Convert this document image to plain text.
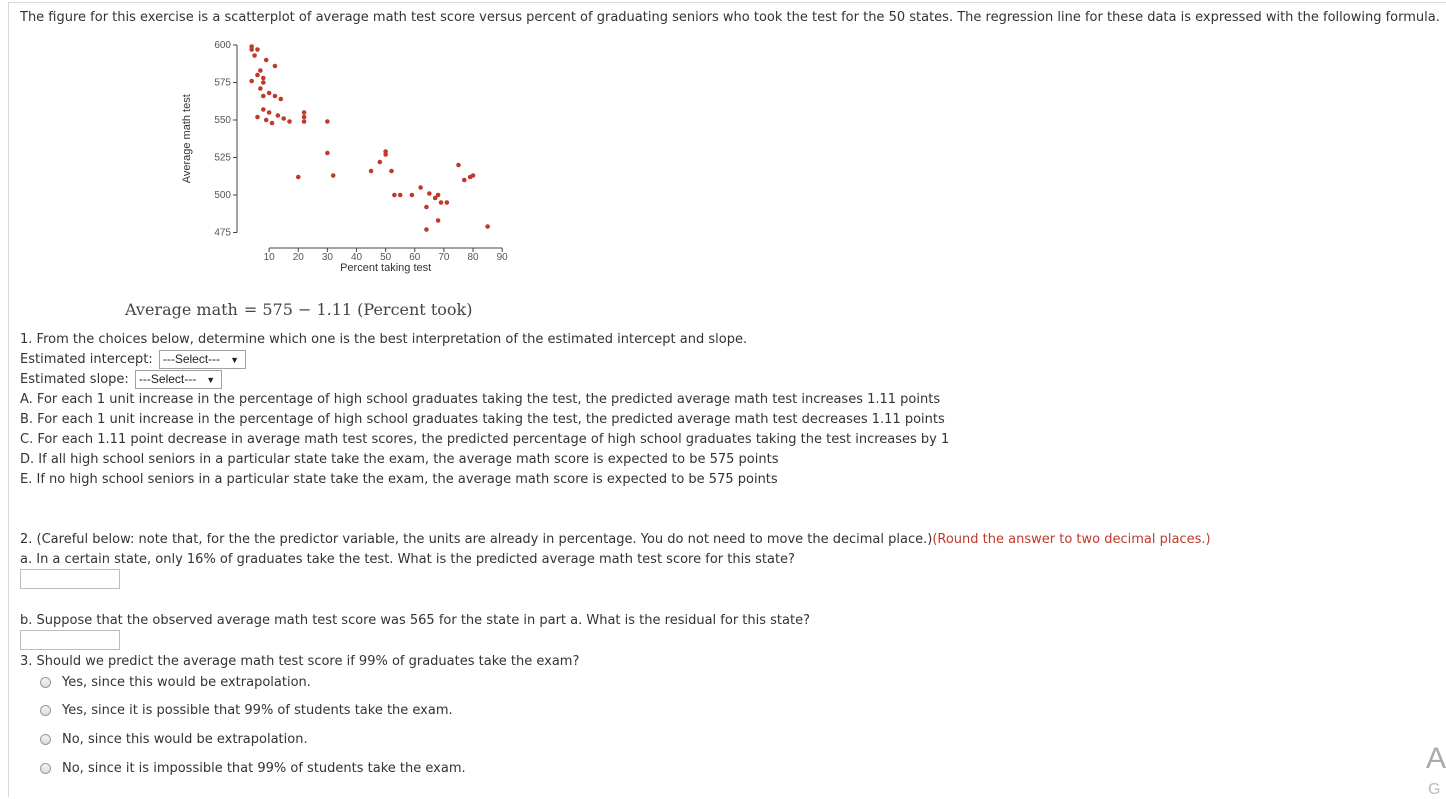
The figure for this exercise is a scatterplot of average math test score versus percent of graduating seniors who took the test for the 50 states. The regression line for these data is expressed with the following formula.
475
500
525
550
575
600
10 20 30 40 50 60 70 80 90
Percent taking test
Average math test
Average math = 575 − 1.11 (Percent took)
1. From the choices below, determine which one is the best interpretation of the estimated intercept and slope.
Estimated intercept: ---Select--- ▼
Estimated slope: ---Select--- ▼
A. For each 1 unit increase in the percentage of high school graduates taking the test, the predicted average math test increases 1.11 points
B. For each 1 unit increase in the percentage of high school graduates taking the test, the predicted average math test decreases 1.11 points
C. For each 1.11 point decrease in average math test scores, the predicted percentage of high school graduates taking the test increases by 1
D. If all high school seniors in a particular state take the exam, the average math score is expected to be 575 points
E. If no high school seniors in a particular state take the exam, the average math score is expected to be 575 points
2. (Careful below: note that, for the the predictor variable, the units are already in percentage. You do not need to move the decimal place.)(Round the answer to two decimal places.)
a. In a certain state, only 16% of graduates take the test. What is the predicted average math test score for this state?
b. Suppose that the observed average math test score was 565 for the state in part a. What is the residual for this state?
3. Should we predict the average math test score if 99% of graduates take the exam?
Yes, since this would be extrapolation.
Yes, since it is possible that 99% of students take the exam.
No, since this would be extrapolation.
No, since it is impossible that 99% of students take the exam.	A
G
